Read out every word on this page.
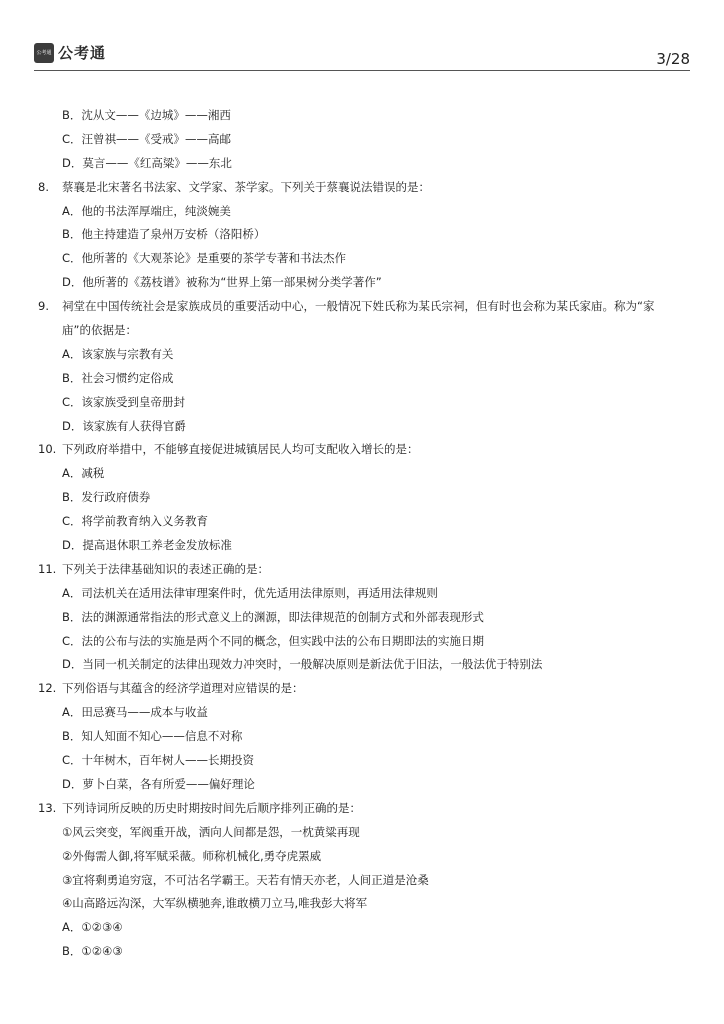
公考通 公考通	3/28
B．沈从文——《边城》——湘西
C．汪曾祺——《受戒》——高邮
D．莫言——《红高粱》——东北
8.	蔡襄是北宋著名书法家、文学家、茶学家。下列关于蔡襄说法错误的是：
A．他的书法浑厚端庄，纯淡婉美
B．他主持建造了泉州万安桥（洛阳桥）
C．他所著的《大观茶论》是重要的茶学专著和书法杰作
D．他所著的《荔枝谱》被称为“世界上第一部果树分类学著作”
9.	祠堂在中国传统社会是家族成员的重要活动中心，一般情况下姓氏称为某氏宗祠，但有时也会称为某氏家庙。称为“家
庙”的依据是：
A．该家族与宗教有关
B．社会习惯约定俗成
C．该家族受到皇帝册封
D．该家族有人获得官爵
10. 下列政府举措中，不能够直接促进城镇居民人均可支配收入增长的是：
A．减税
B．发行政府债券
C．将学前教育纳入义务教育
D．提高退休职工养老金发放标准
11. 下列关于法律基础知识的表述正确的是：
A．司法机关在适用法律审理案件时，优先适用法律原则，再适用法律规则
B．法的渊源通常指法的形式意义上的渊源，即法律规范的创制方式和外部表现形式
C．法的公布与法的实施是两个不同的概念，但实践中法的公布日期即法的实施日期
D．当同一机关制定的法律出现效力冲突时，一般解决原则是新法优于旧法，一般法优于特别法
12. 下列俗语与其蕴含的经济学道理对应错误的是：
A．田忌赛马——成本与收益
B．知人知面不知心——信息不对称
C．十年树木，百年树人——长期投资
D．萝卜白菜，各有所爱——偏好理论
13. 下列诗词所反映的历史时期按时间先后顺序排列正确的是：
①风云突变，军阀重开战，洒向人间都是怨，一枕黄粱再现
②外侮需人御,将军赋采薇。师称机械化,勇夺虎罴威
③宜将剩勇追穷寇，不可沽名学霸王。天若有情天亦老，人间正道是沧桑
④山高路远沟深，大军纵横驰奔,谁敢横刀立马,唯我彭大将军
A．①②③④
B．①②④③
